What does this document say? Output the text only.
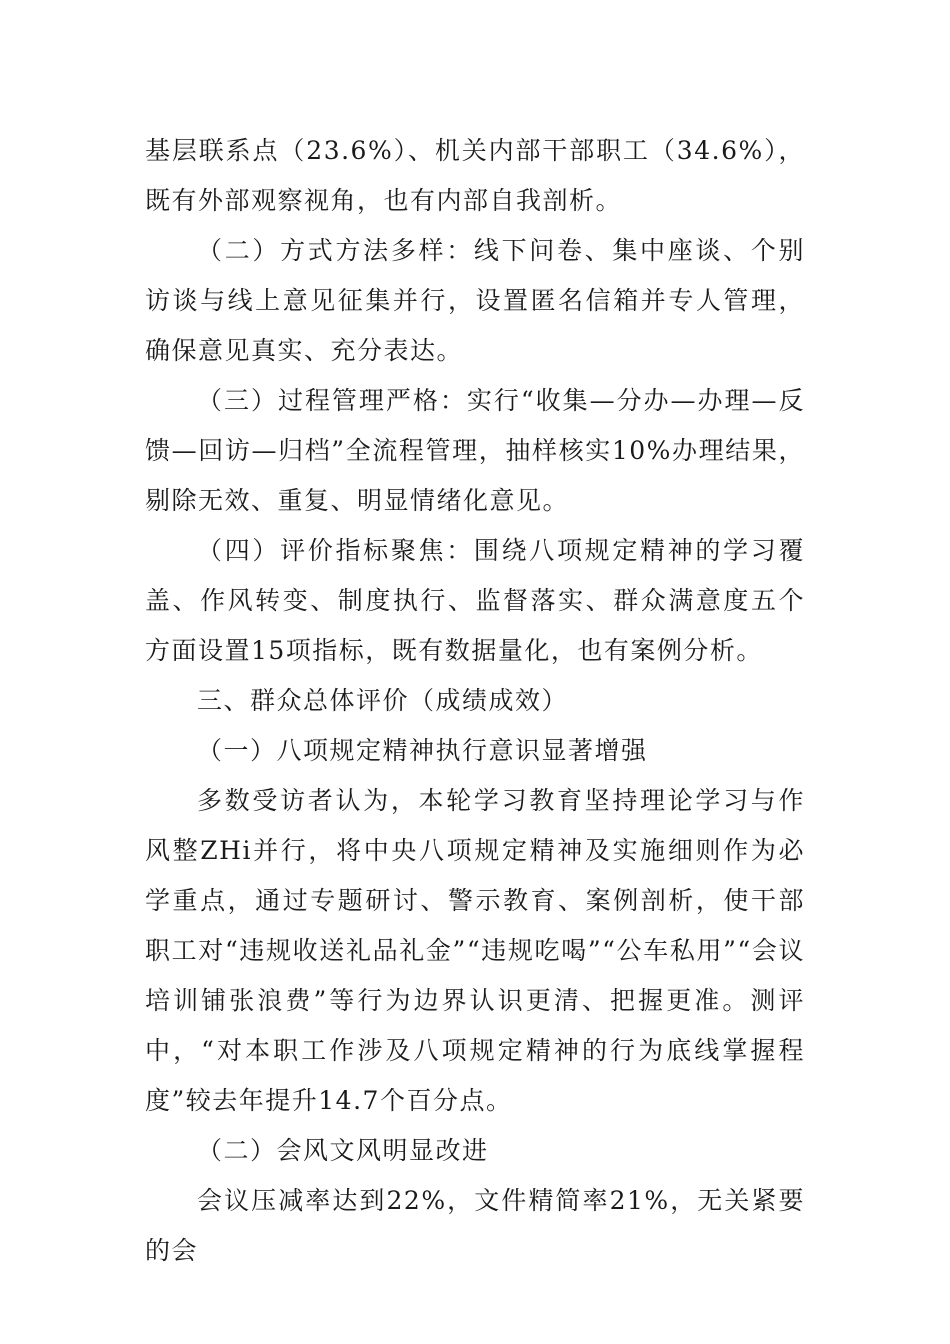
基层联系点（23.6%）、机关内部干部职工（34.6%），既有外部观察视角，也有内部自我剖析。

（二）方式方法多样：线下问卷、集中座谈、个别访谈与线上意见征集并行，设置匿名信箱并专人管理，确保意见真实、充分表达。

（三）过程管理严格：实行“收集—分办—办理—反馈—回访—归档”全流程管理，抽样核实10%办理结果，剔除无效、重复、明显情绪化意见。

（四）评价指标聚焦：围绕八项规定精神的学习覆盖、作风转变、制度执行、监督落实、群众满意度五个方面设置15项指标，既有数据量化，也有案例分析。

三、群众总体评价（成绩成效）

（一）八项规定精神执行意识显著增强

多数受访者认为，本轮学习教育坚持理论学习与作风整ZHi并行，将中央八项规定精神及实施细则作为必学重点，通过专题研讨、警示教育、案例剖析，使干部职工对“违规收送礼品礼金”“违规吃喝”“公车私用”“会议培训铺张浪费”等行为边界认识更清、把握更准。测评中，“对本职工作涉及八项规定精神的行为底线掌握程度”较去年提升14.7个百分点。

（二）会风文风明显改进

会议压减率达到22%，文件精简率21%，无关紧要的会
